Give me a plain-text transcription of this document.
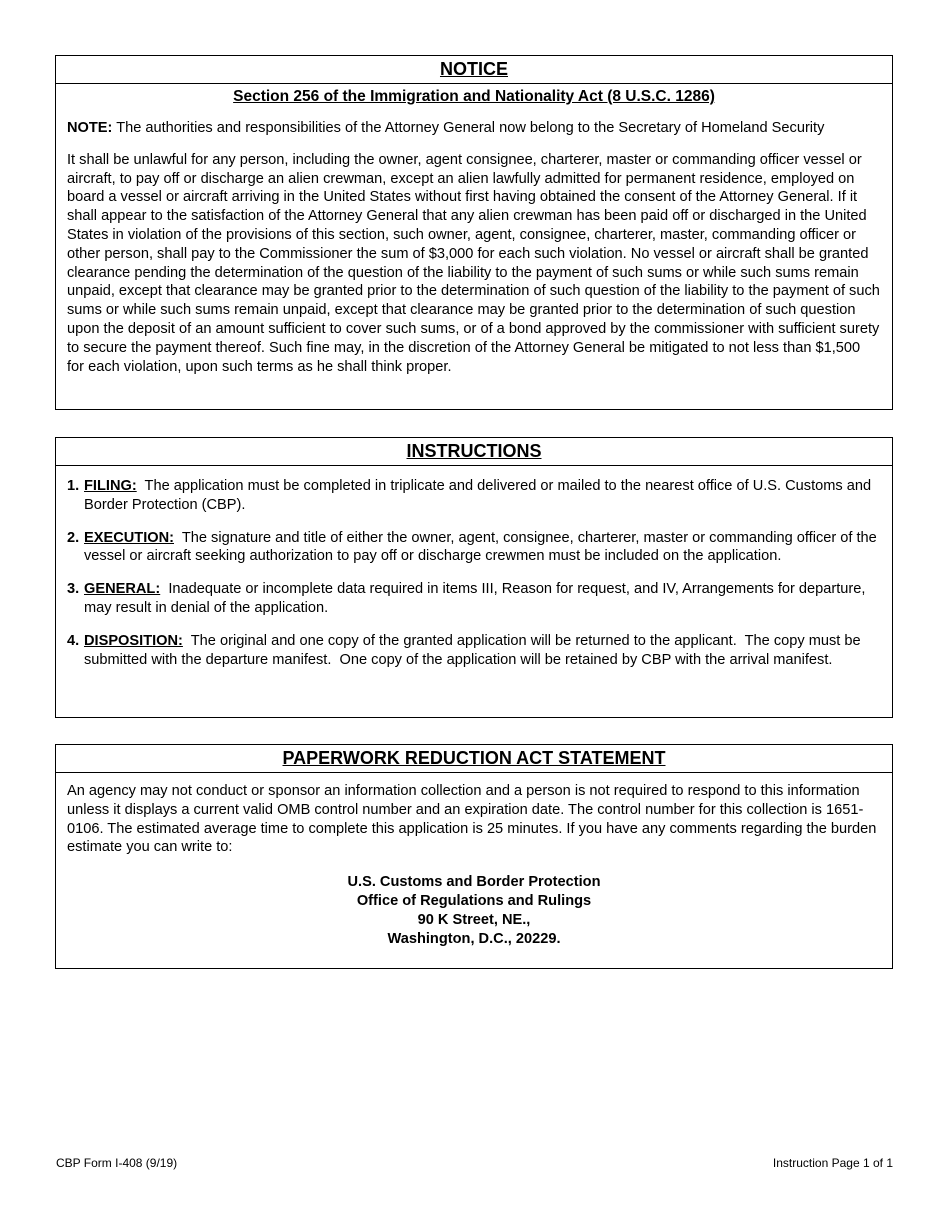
NOTICE
Section 256 of the Immigration and Nationality Act (8 U.S.C. 1286)
NOTE: The authorities and responsibilities of the Attorney General now belong to the Secretary of Homeland Security
It shall be unlawful for any person, including the owner, agent consignee, charterer, master or commanding officer vessel or aircraft, to pay off or discharge an alien crewman, except an alien lawfully admitted for permanent residence, employed on board a vessel or aircraft arriving in the United States without first having obtained the consent of the Attorney General. If it shall appear to the satisfaction of the Attorney General that any alien crewman has been paid off or discharged in the United States in violation of the provisions of this section, such owner, agent, consignee, charterer, master, commanding officer or other person, shall pay to the Commissioner the sum of $3,000 for each such violation. No vessel or aircraft shall be granted clearance pending the determination of the question of the liability to the payment of such sums or while such sums remain unpaid, except that clearance may be granted prior to the determination of such question of the liability to the payment of such sums or while such sums remain unpaid, except that clearance may be granted prior to the determination of such question upon the deposit of an amount sufficient to cover such sums, or of a bond approved by the commissioner with sufficient surety to secure the payment thereof. Such fine may, in the discretion of the Attorney General be mitigated to not less than $1,500 for each violation, upon such terms as he shall think proper.
INSTRUCTIONS
1. FILING:  The application must be completed in triplicate and delivered or mailed to the nearest office of U.S. Customs and Border Protection (CBP).
2. EXECUTION:  The signature and title of either the owner, agent, consignee, charterer, master or commanding officer of the vessel or aircraft seeking authorization to pay off or discharge crewmen must be included on the application.
3. GENERAL:  Inadequate or incomplete data required in items III, Reason for request, and IV, Arrangements for departure, may result in denial of the application.
4. DISPOSITION:  The original and one copy of the granted application will be returned to the applicant.  The copy must be submitted with the departure manifest.  One copy of the application will be retained by CBP with the arrival manifest.
PAPERWORK REDUCTION ACT STATEMENT
An agency may not conduct or sponsor an information collection and a person is not required to respond to this information unless it displays a current valid OMB control number and an expiration date. The control number for this collection is 1651-0106. The estimated average time to complete this application is 25 minutes. If you have any comments regarding the burden estimate you can write to:
U.S. Customs and Border Protection
Office of Regulations and Rulings
90 K Street, NE.,
Washington, D.C., 20229.
CBP Form I-408 (9/19)	Instruction Page 1 of 1
